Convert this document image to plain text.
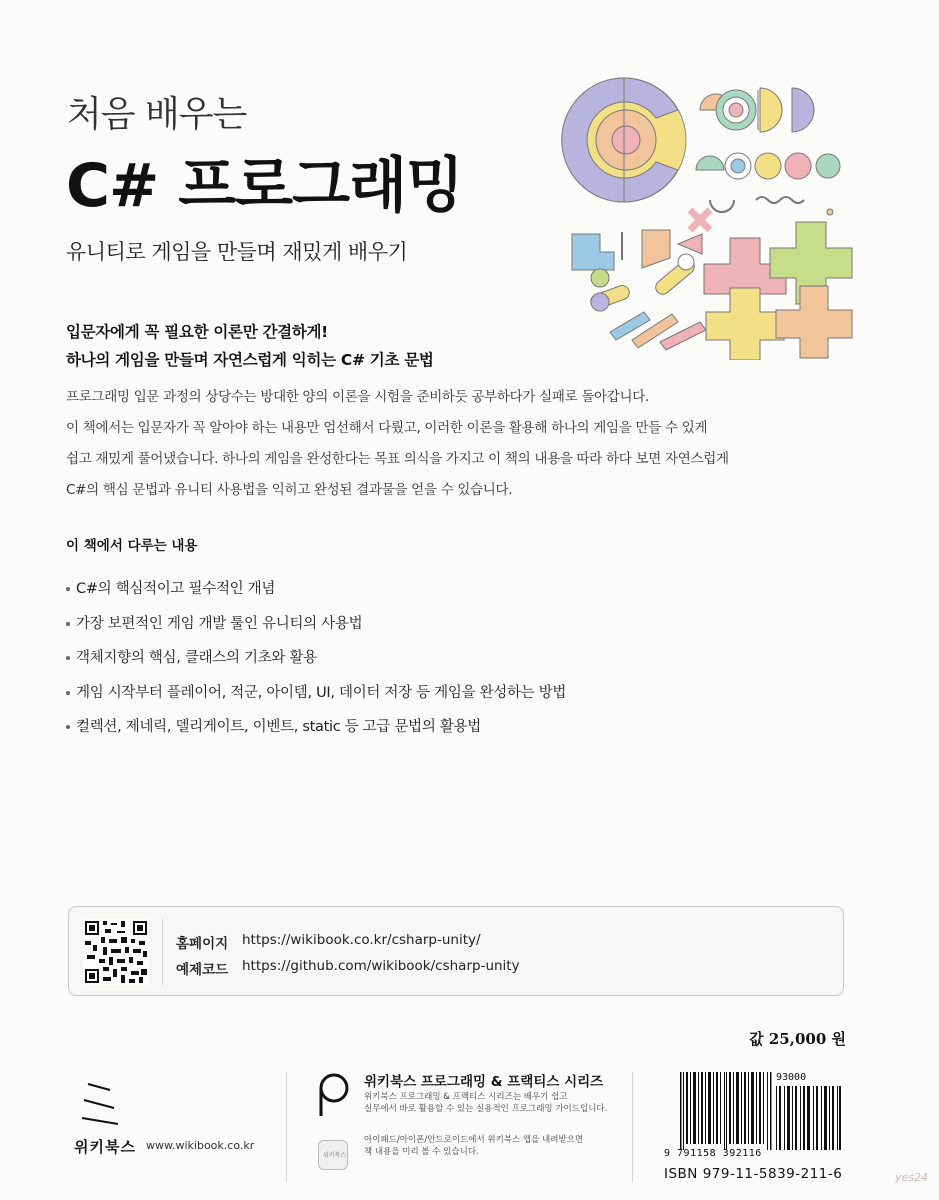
처음 배우는
C# 프로그래밍
유니티로 게임을 만들며 재밌게 배우기
입문자에게 꼭 필요한 이론만 간결하게!
하나의 게임을 만들며 자연스럽게 익히는 C# 기초 문법
프로그래밍 입문 과정의 상당수는 방대한 양의 이론을 시험을 준비하듯 공부하다가 실패로 돌아갑니다.
이 책에서는 입문자가 꼭 알아야 하는 내용만 엄선해서 다뤘고, 이러한 이론을 활용해 하나의 게임을 만들 수 있게
쉽고 재밌게 풀어냈습니다. 하나의 게임을 완성한다는 목표 의식을 가지고 이 책의 내용을 따라 하다 보면 자연스럽게
C#의 핵심 문법과 유니티 사용법을 익히고 완성된 결과물을 얻을 수 있습니다.
이 책에서 다루는 내용
C#의 핵심적이고 필수적인 개념
가장 보편적인 게임 개발 툴인 유니티의 사용법
객체지향의 핵심, 클래스의 기초와 활용
게임 시작부터 플레이어, 적군, 아이템, UI, 데이터 저장 등 게임을 완성하는 방법
컬렉션, 제네릭, 델리게이트, 이벤트, static 등 고급 문법의 활용법
홈페이지	https://wikibook.co.kr/csharp-unity/
예제코드	https://github.com/wikibook/csharp-unity
값 25,000 원
위키북스 www.wikibook.co.kr
위키북스 프로그래밍 & 프랙티스 시리즈
위키북스 프로그래밍 & 프랙티스 시리즈는 배우기 쉽고
실무에서 바로 활용할 수 있는 실용적인 프로그래밍 가이드입니다.
위키북스
아이패드/아이폰/안드로이드에서 위키북스 앱을 내려받으면
책 내용을 미리 볼 수 있습니다.
93000
9 791158 392116
ISBN 979-11-5839-211-6	yes24
